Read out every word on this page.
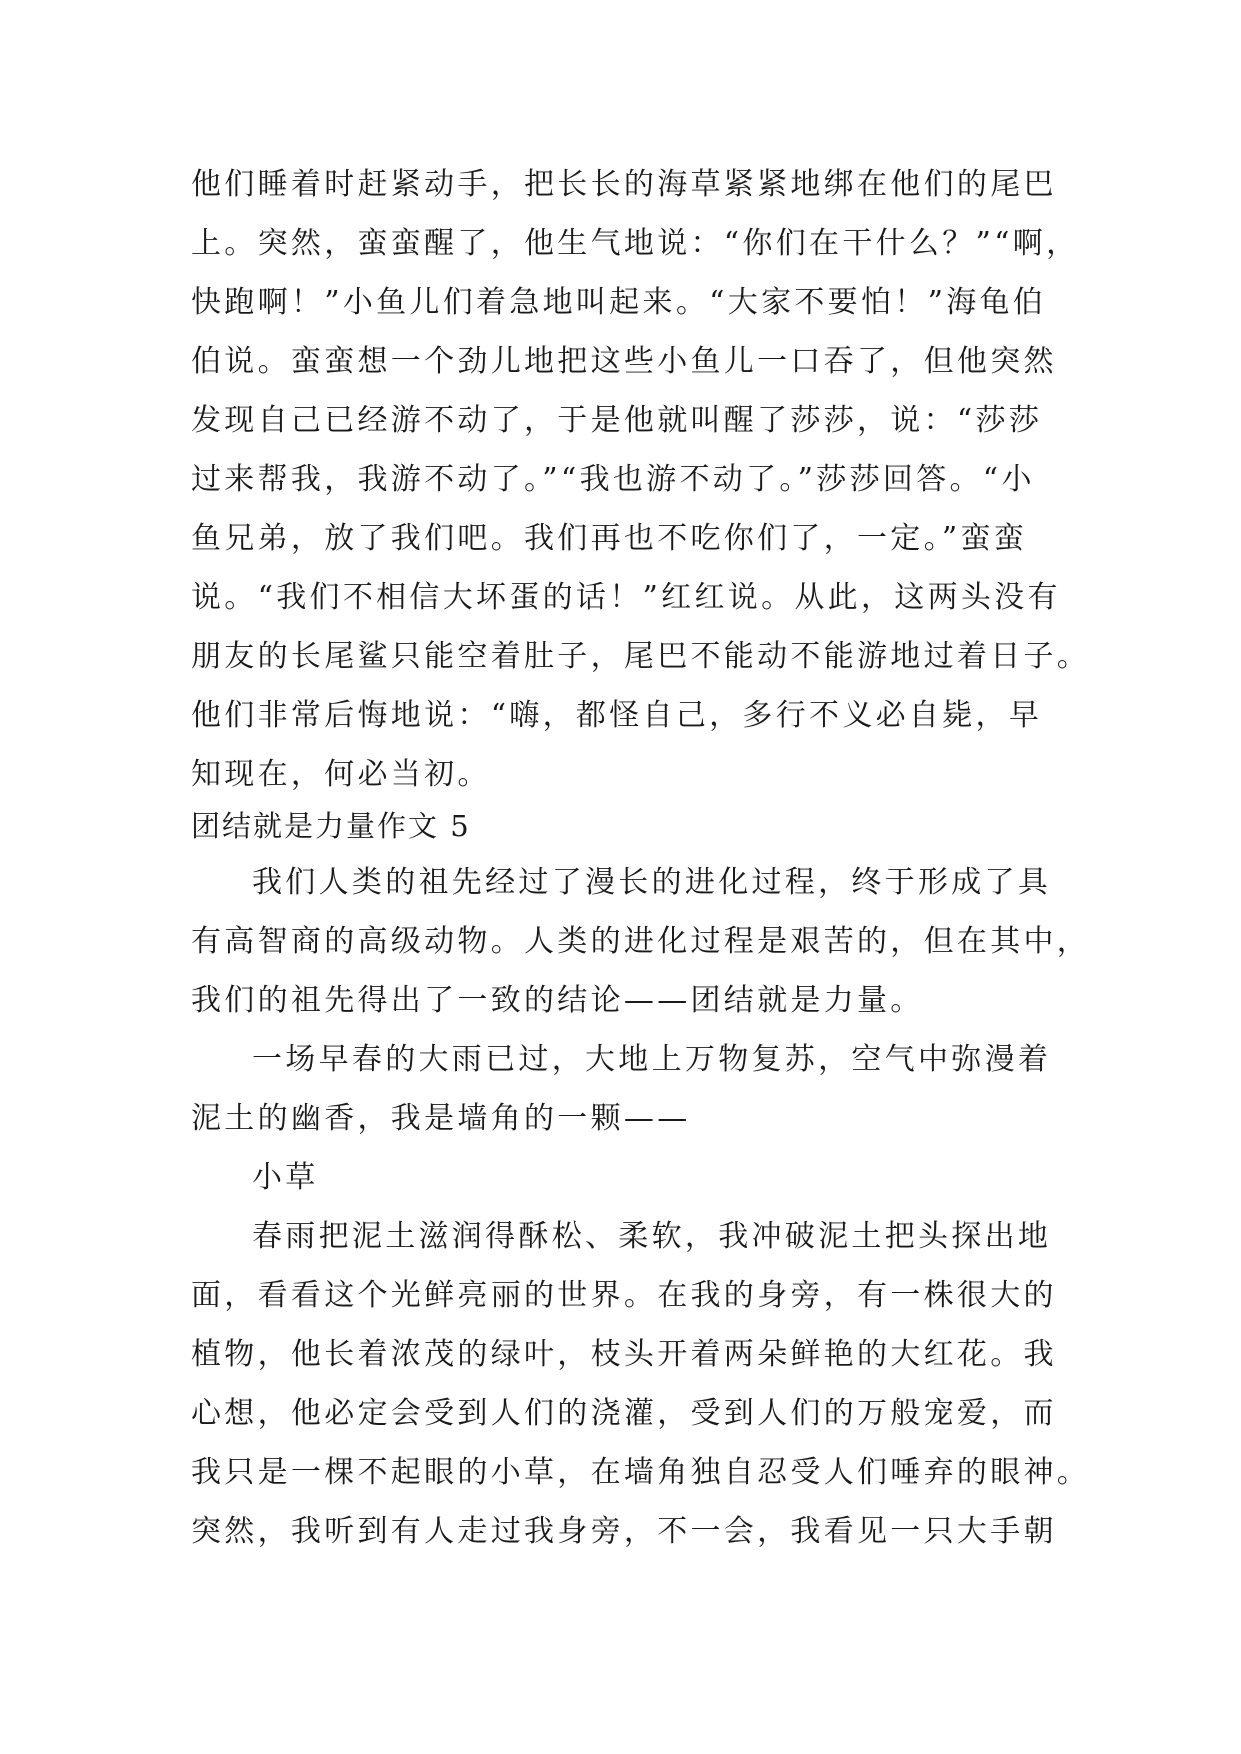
他们睡着时赶紧动手，把长长的海草紧紧地绑在他们的尾巴
上。突然，蛮蛮醒了，他生气地说：“你们在干什么？”“啊，
快跑啊！”小鱼儿们着急地叫起来。“大家不要怕！”海龟伯
伯说。蛮蛮想一个劲儿地把这些小鱼儿一口吞了，但他突然
发现自己已经游不动了，于是他就叫醒了莎莎，说：“莎莎
过来帮我，我游不动了。”“我也游不动了。”莎莎回答。“小
鱼兄弟，放了我们吧。我们再也不吃你们了，一定。”蛮蛮
说。“我们不相信大坏蛋的话！”红红说。从此，这两头没有
朋友的长尾鲨只能空着肚子，尾巴不能动不能游地过着日子。
他们非常后悔地说：“嗨，都怪自己，多行不义必自毙，早
知现在，何必当初。
团结就是力量作文 5
我们人类的祖先经过了漫长的进化过程，终于形成了具
有高智商的高级动物。人类的进化过程是艰苦的，但在其中，
我们的祖先得出了一致的结论——团结就是力量。
一场早春的大雨已过，大地上万物复苏，空气中弥漫着
泥土的幽香，我是墙角的一颗——
小草
春雨把泥土滋润得酥松、柔软，我冲破泥土把头探出地
面，看看这个光鲜亮丽的世界。在我的身旁，有一株很大的
植物，他长着浓茂的绿叶，枝头开着两朵鲜艳的大红花。我
心想，他必定会受到人们的浇灌，受到人们的万般宠爱，而
我只是一棵不起眼的小草，在墙角独自忍受人们唾弃的眼神。
突然，我听到有人走过我身旁，不一会，我看见一只大手朝
